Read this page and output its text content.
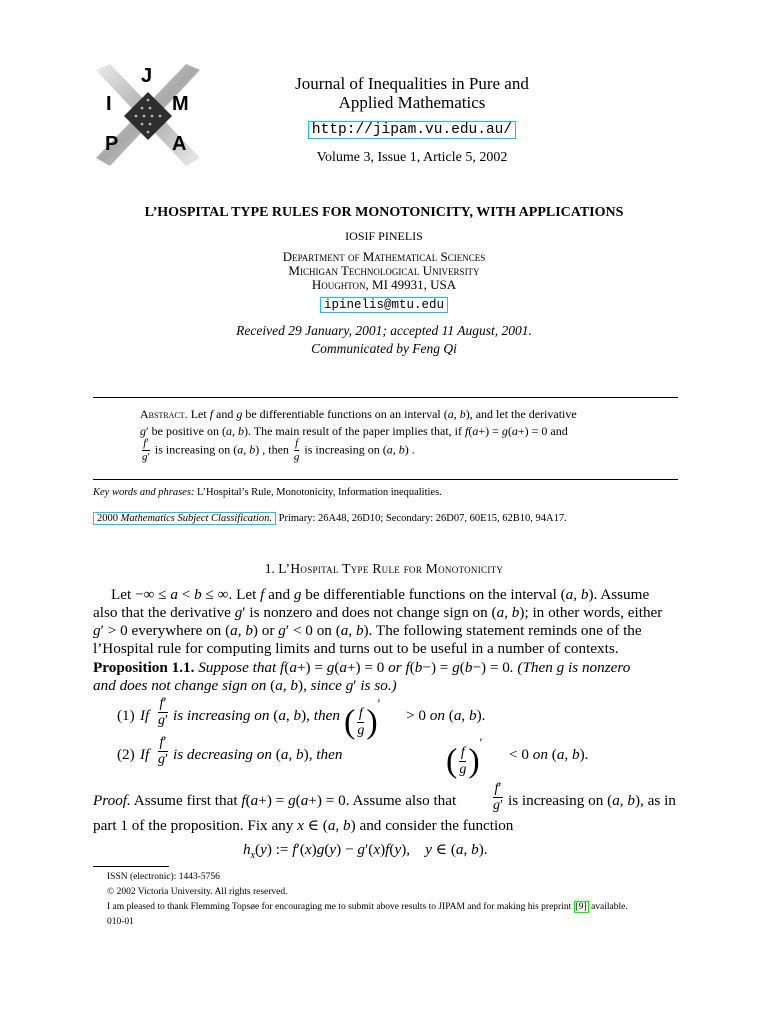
J
I	M
P	A
Journal of Inequalities in Pure and
Applied Mathematics
http://jipam.vu.edu.au/
Volume 3, Issue 1, Article 5, 2002
L’HOSPITAL TYPE RULES FOR MONOTONICITY, WITH APPLICATIONS
IOSIF PINELIS
Department of Mathematical Sciences
Michigan Technological University
Houghton, MI 49931, USA
ipinelis@mtu.edu
Received 29 January, 2001; accepted 11 August, 2001.
Communicated by Feng Qi
Abstract. Let f and g be differentiable functions on an interval (a, b), and let the derivative
g′ be positive on (a, b). The main result of the paper implies that, if f(a+) = g(a+) = 0 and
$\frac{f'}{g'}$ is increasing on (a, b) , then $\frac{f}{g}$ is increasing on (a, b) .
Key words and phrases: L’Hospital’s Rule, Monotonicity, Information inequalities.
2000 Mathematics Subject Classification. Primary: 26A48, 26D10; Secondary: 26D07, 60E15, 62B10, 94A17.
1. L’Hospital Type Rule for Monotonicity
Let −∞ ≤ a < b ≤ ∞. Let f and g be differentiable functions on the interval (a, b). Assume
also that the derivative g′ is nonzero and does not change sign on (a, b); in other words, either
g′ > 0 everywhere on (a, b) or g′ < 0 on (a, b). The following statement reminds one of the
l’Hospital rule for computing limits and turns out to be useful in a number of contexts.
Proposition 1.1. Suppose that f(a+) = g(a+) = 0 or f(b−) = g(b−) = 0. (Then g is nonzero
and does not change sign on (a, b), since g′ is so.)
(1) If $\frac{f'}{g'}$ is increasing on (a, b), then ( $\frac{f}{g}$ )′
> 0 on (a, b).
(2) If $\frac{f'}{g'}$ is decreasing on (a, b), then	( $\frac{f}{g}$ )′
< 0 on (a, b).
Proof. Assume first that f(a+) = g(a+) = 0. Assume also that	$\frac{f'}{g'}$ is increasing on (a, b), as in
part 1 of the proposition. Fix any x ∈ (a, b) and consider the function
$h_x(y)$ := f′(x)g(y) − g′(x)f(y),    y ∈ (a, b).
ISSN (electronic): 1443-5756
© 2002 Victoria University. All rights reserved.
I am pleased to thank Flemming Topsøe for encouraging me to submit above results to JIPAM and for making his preprint [9] available.
010-01
